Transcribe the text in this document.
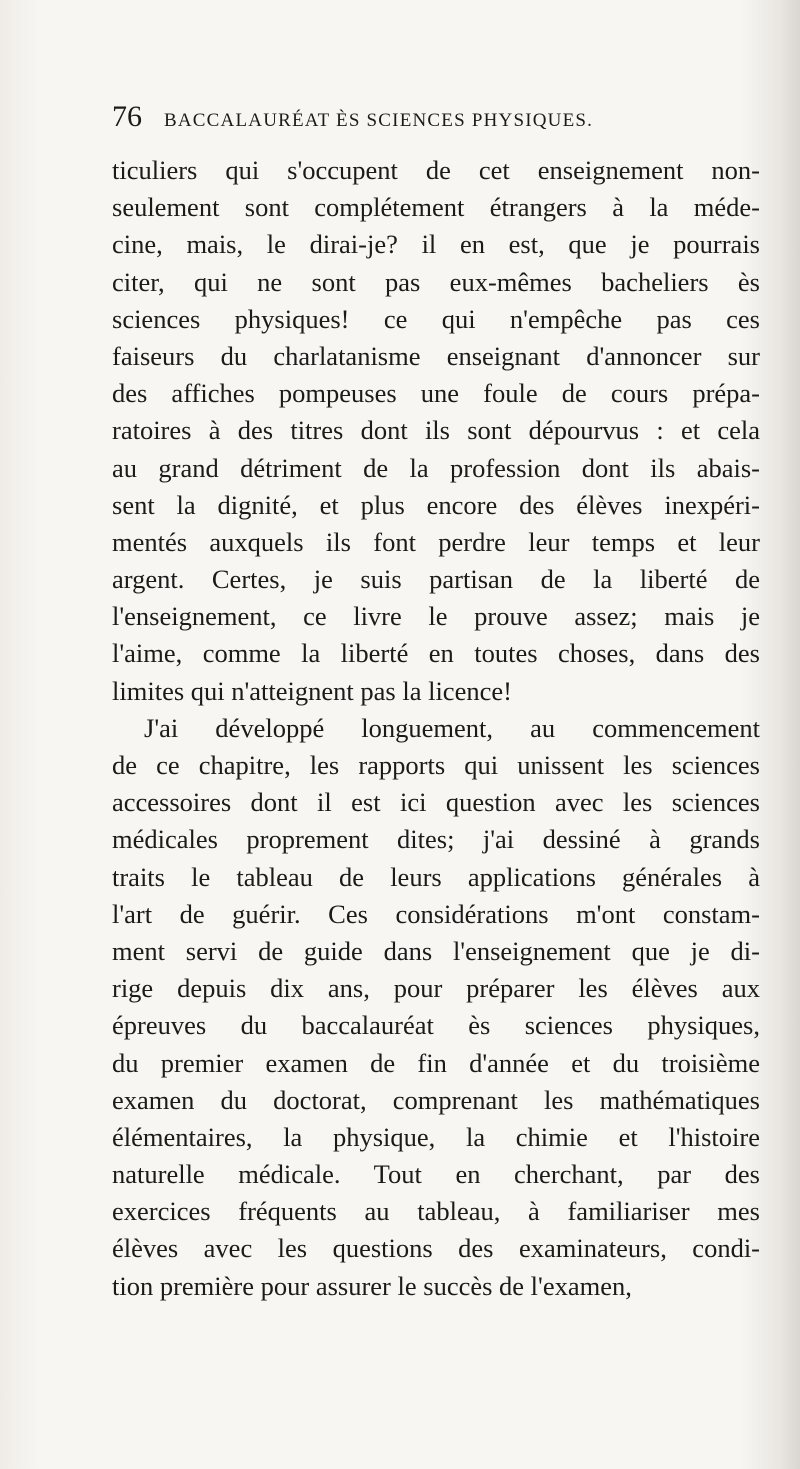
76 BACCALAURÉAT ÈS SCIENCES PHYSIQUES.
ticuliers qui s'occupent de cet enseignement non-
seulement sont complétement étrangers à la méde-
cine, mais, le dirai-je? il en est, que je pourrais
citer, qui ne sont pas eux-mêmes bacheliers ès
sciences physiques! ce qui n'empêche pas ces
faiseurs du charlatanisme enseignant d'annoncer sur
des affiches pompeuses une foule de cours prépa-
ratoires à des titres dont ils sont dépourvus : et cela
au grand détriment de la profession dont ils abais-
sent la dignité, et plus encore des élèves inexpéri-
mentés auxquels ils font perdre leur temps et leur
argent. Certes, je suis partisan de la liberté de
l'enseignement, ce livre le prouve assez; mais je
l'aime, comme la liberté en toutes choses, dans des
limites qui n'atteignent pas la licence!
J'ai développé longuement, au commencement
de ce chapitre, les rapports qui unissent les sciences
accessoires dont il est ici question avec les sciences
médicales proprement dites; j'ai dessiné à grands
traits le tableau de leurs applications générales à
l'art de guérir. Ces considérations m'ont constam-
ment servi de guide dans l'enseignement que je di-
rige depuis dix ans, pour préparer les élèves aux
épreuves du baccalauréat ès sciences physiques,
du premier examen de fin d'année et du troisième
examen du doctorat, comprenant les mathématiques
élémentaires, la physique, la chimie et l'histoire
naturelle médicale. Tout en cherchant, par des
exercices fréquents au tableau, à familiariser mes
élèves avec les questions des examinateurs, condi-
tion première pour assurer le succès de l'examen,
